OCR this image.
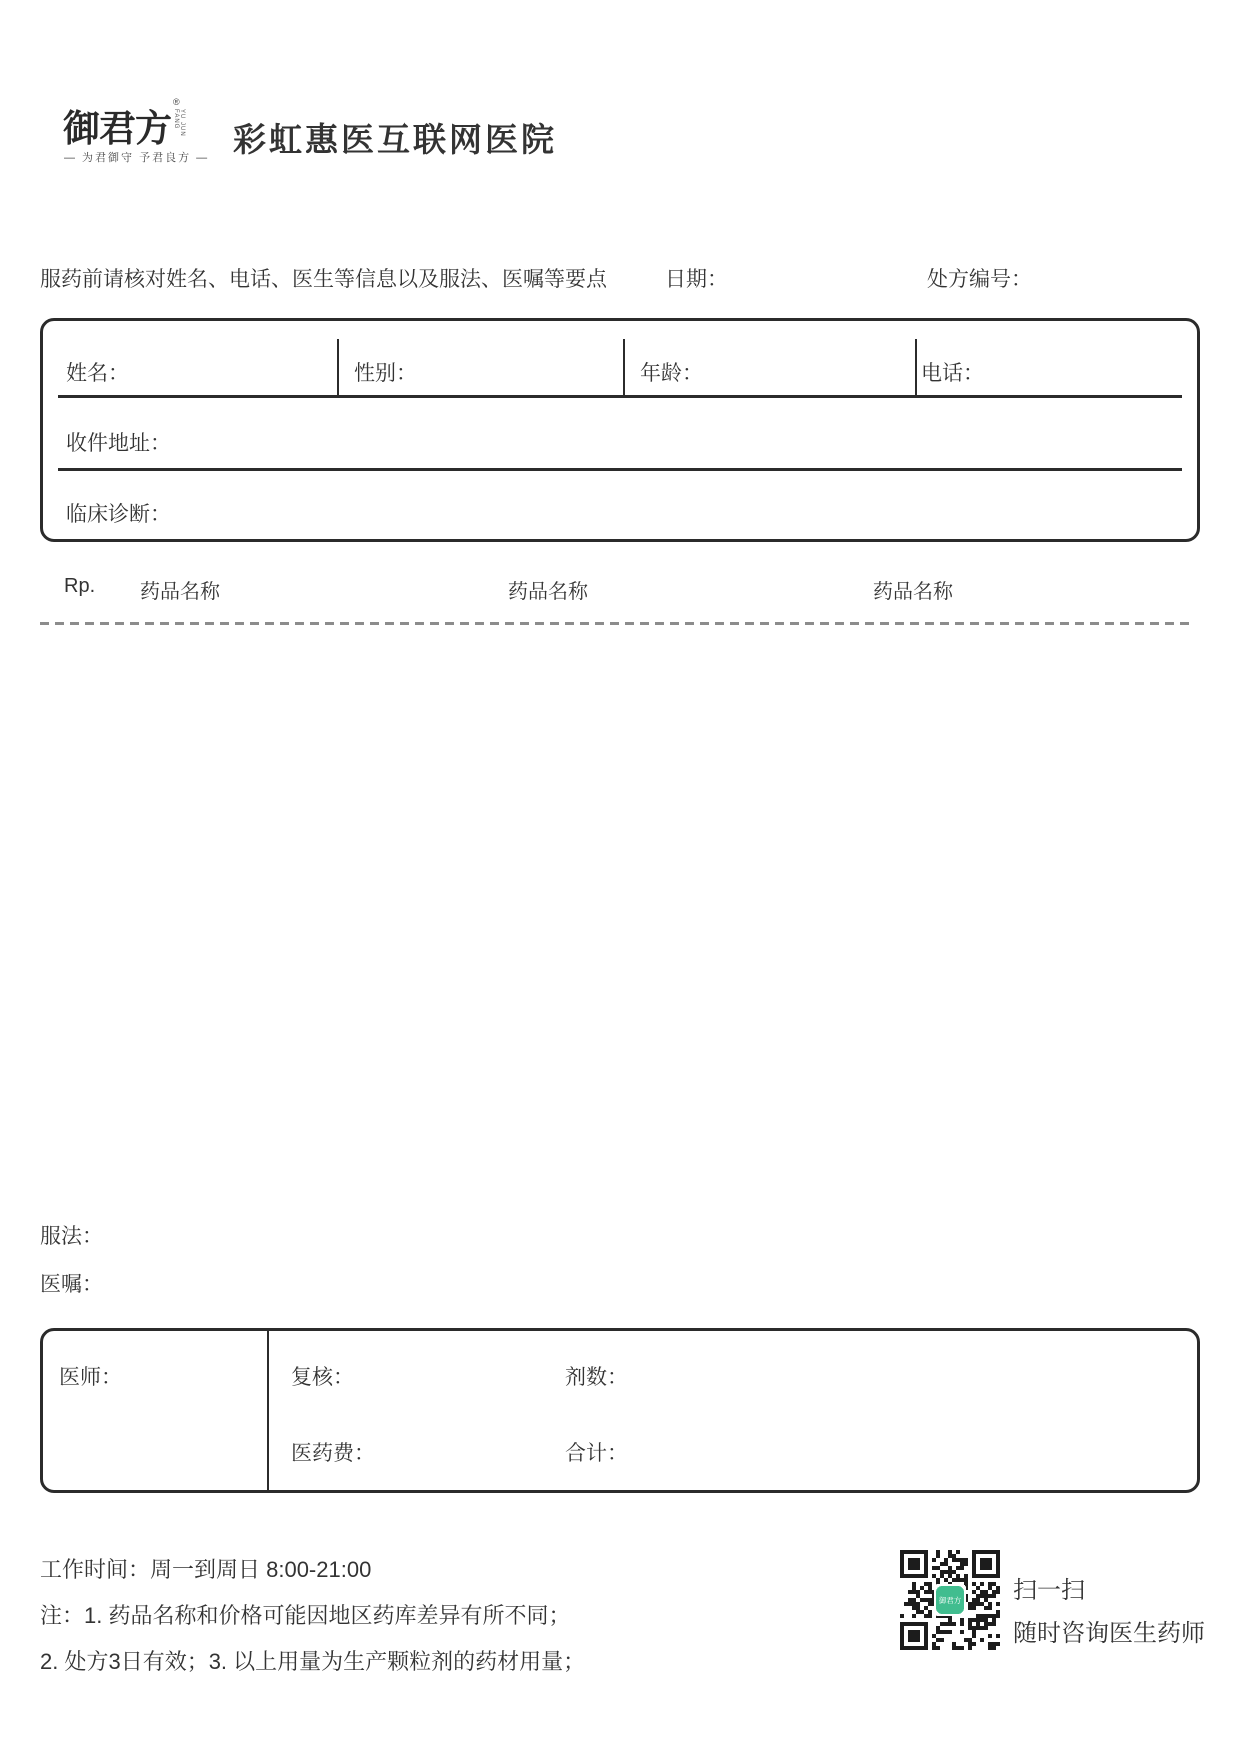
御君方
®
YU JUN FANG
— 为君御守 予君良方 — 彩虹惠医互联网医院
服药前请核对姓名、电话、医生等信息以及服法、医嘱等要点	日期：	处方编号：
姓名：	性别：	年龄：	电话：
收件地址：
临床诊断：
Rp. 药品名称	药品名称	药品名称
服法：
医嘱：
医师：	复核：	剂数：
医药费：	合计：
工作时间：周一到周日 8:00-21:00
注：1. 药品名称和价格可能因地区药库差异有所不同；
2. 处方3日有效；3. 以上用量为生产颗粒剂的药材用量；
御君方 扫一扫
随时咨询医生药师
